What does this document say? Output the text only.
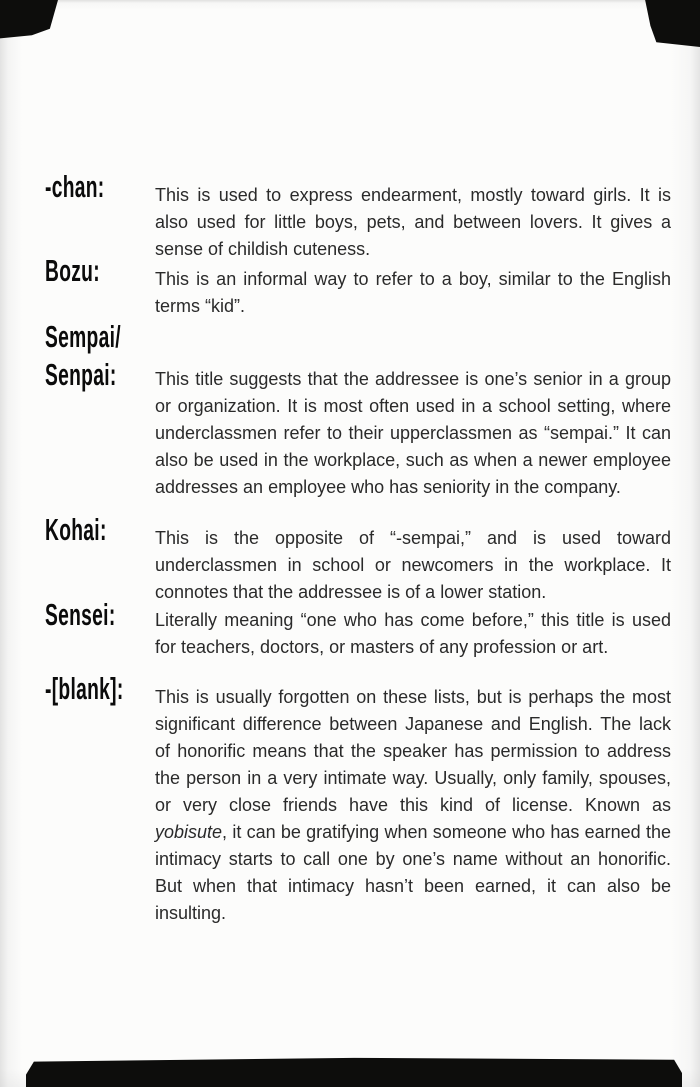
-chan:	This is used to express endearment, mostly toward girls. It is also used for little boys, pets, and between lovers. It gives a sense of childish cuteness.

Bozu:	This is an informal way to refer to a boy, similar to the English terms “kid”.

Sempai/
Senpai: This title suggests that the addressee is one’s senior in a group or organization. It is most often used in a school setting, where underclassmen refer to their upperclassmen as “sempai.” It can also be used in the workplace, such as when a newer employee addresses an employee who has seniority in the company.

Kohai:	This is the opposite of “-sempai,” and is used toward underclassmen in school or newcomers in the workplace. It connotes that the addressee is of a lower station.

Sensei: Literally meaning “one who has come before,” this title is used for teachers, doctors, or masters of any profession or art.

-[blank]: This is usually forgotten on these lists, but is perhaps the most significant difference between Japanese and English. The lack of honorific means that the speaker has permission to address the person in a very intimate way. Usually, only family, spouses, or very close friends have this kind of license. Known as yobisute, it can be gratifying when someone who has earned the intimacy starts to call one by one’s name without an honorific. But when that intimacy hasn’t been earned, it can also be insulting.
